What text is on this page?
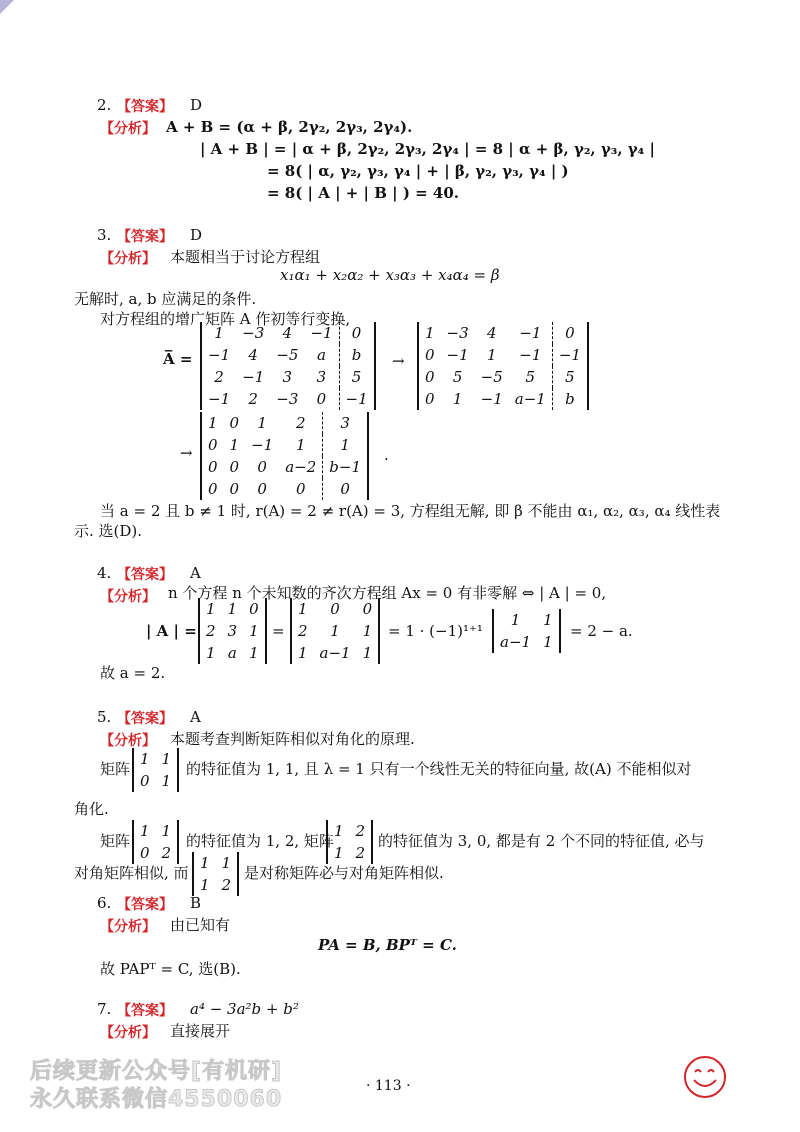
2. 【答案】 D
【分析】 A + B = (α + β, 2γ₂, 2γ₃, 2γ₄).
| A + B | = | α + β, 2γ₂, 2γ₃, 2γ₄ | = 8 | α + β, γ₂, γ₃, γ₄ |
= 8( | α, γ₂, γ₃, γ₄ | + | β, γ₂, γ₃, γ₄ | )
= 8( | A | + | B | ) = 40.
3. 【答案】 D
【分析】 本题相当于讨论方程组
x₁α₁ + x₂α₂ + x₃α₃ + x₄α₄ = β
无解时, a, b 应满足的条件.
对方程组的增广矩阵 A 作初等行变换,
A̅ =
1	−3	4	−1	0
−1	4	−5	a	b
2	−1	3	3	5
−1	2	−3	0	−1
→
1	−3	4	−1	0
0	−1	1	−1	−1
0	5	−5	5	5
0	1	−1	a−1	b
→
1	0	1	2	3
0	1	−1	1	1
0	0	0	a−2	b−1
0	0	0	0	0
.
当 a = 2 且 b ≠ 1 时, r(A) = 2 ≠ r(A) = 3, 方程组无解, 即 β 不能由 α₁, α₂, α₃, α₄ 线性表
示. 选(D).
4. 【答案】 A
【分析】 n 个方程 n 个未知数的齐次方程组 Ax = 0 有非零解 ⇔ | A | = 0,
| A | =
1	1	0
2	3	1
1	a	1
=
1	0	0
2	1	1
1	a−1	1
= 1 · (−1)¹⁺¹
1	1
a−1	1
= 2 − a.
故 a = 2.
5. 【答案】 A
【分析】 本题考查判断矩阵相似对角化的原理.
矩阵
1	1
0	1
的特征值为 1, 1, 且 λ = 1 只有一个线性无关的特征向量, 故(A) 不能相似对
角化.
矩阵
1	1
0	2
的特征值为 1, 2, 矩阵
1	2
1	2
的特征值为 3, 0, 都是有 2 个不同的特征值, 必与
对角矩阵相似, 而
1	1
1	2
是对称矩阵必与对角矩阵相似.
6. 【答案】 B
【分析】 由已知有
PA = B, BPᵀ = C.
故 PAPᵀ = C, 选(B).
7. 【答案】 a⁴ − 3a²b + b²
【分析】 直接展开
后续更新公众号[有机研]
永久联系微信4550060
· 113 ·
